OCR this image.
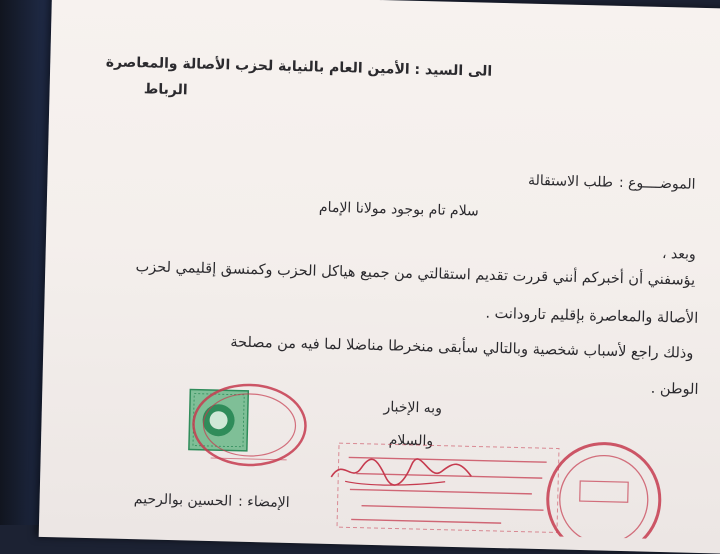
الى السيد : الأمين العام بالنيابة لحزب الأصالة والمعاصرة
الرباط
الموضــــوع :
طلب الاستقالة
سلام تام بوجود مولانا الإمام
وبعد ،
يؤسفني أن أخبركم أنني قررت تقديم استقالتي من جميع هياكل الحزب وكمنسق إقليمي لحزب
الأصالة والمعاصرة بإقليم تارودانت .
وذلك راجع لأسباب شخصية وبالتالي سأبقى منخرطا مناضلا لما فيه من مصلحة
الوطن .
وبه الإخبار
والسلام
الإمضاء :
الحسين بوالرحيم
